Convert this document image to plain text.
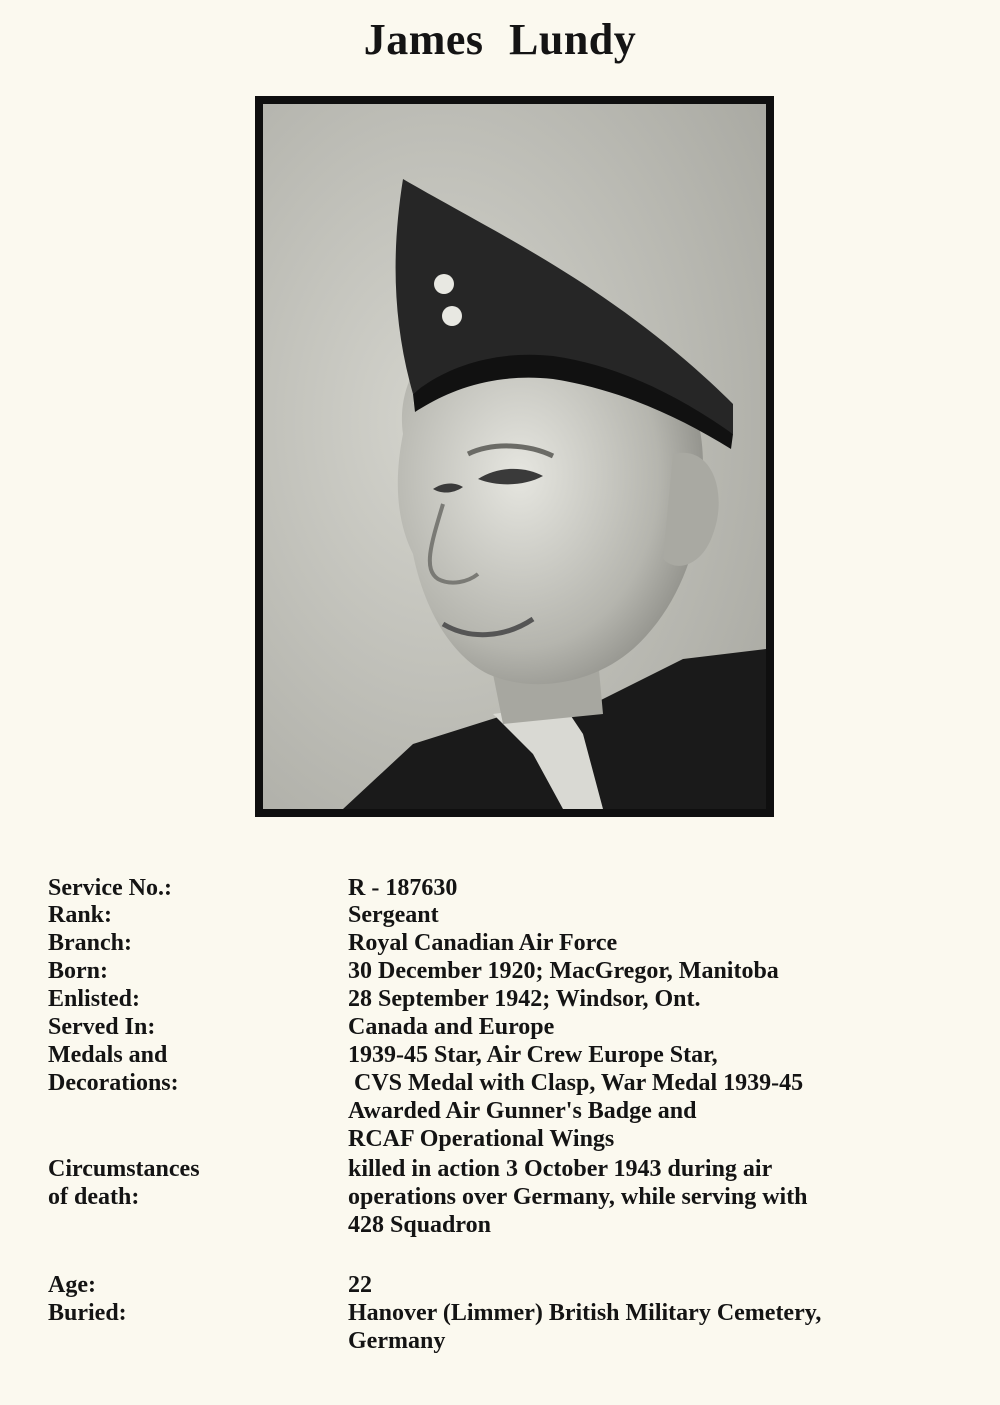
James Lundy
Service No.:	R - 187630
Rank:	Sergeant
Branch:	Royal Canadian Air Force
Born:	30 December 1920; MacGregor, Manitoba
Enlisted:	28 September 1942; Windsor, Ont.
Served In:	Canada and Europe
Medals and	1939-45 Star, Air Crew Europe Star,
Decorations:	CVS Medal with Clasp, War Medal 1939-45
Awarded Air Gunner's Badge and
RCAF Operational Wings
Circumstances	killed in action 3 October 1943 during air
of death:	operations over Germany, while serving with
428 Squadron
Age:	22
Buried:	Hanover (Limmer) British Military Cemetery,
Germany
